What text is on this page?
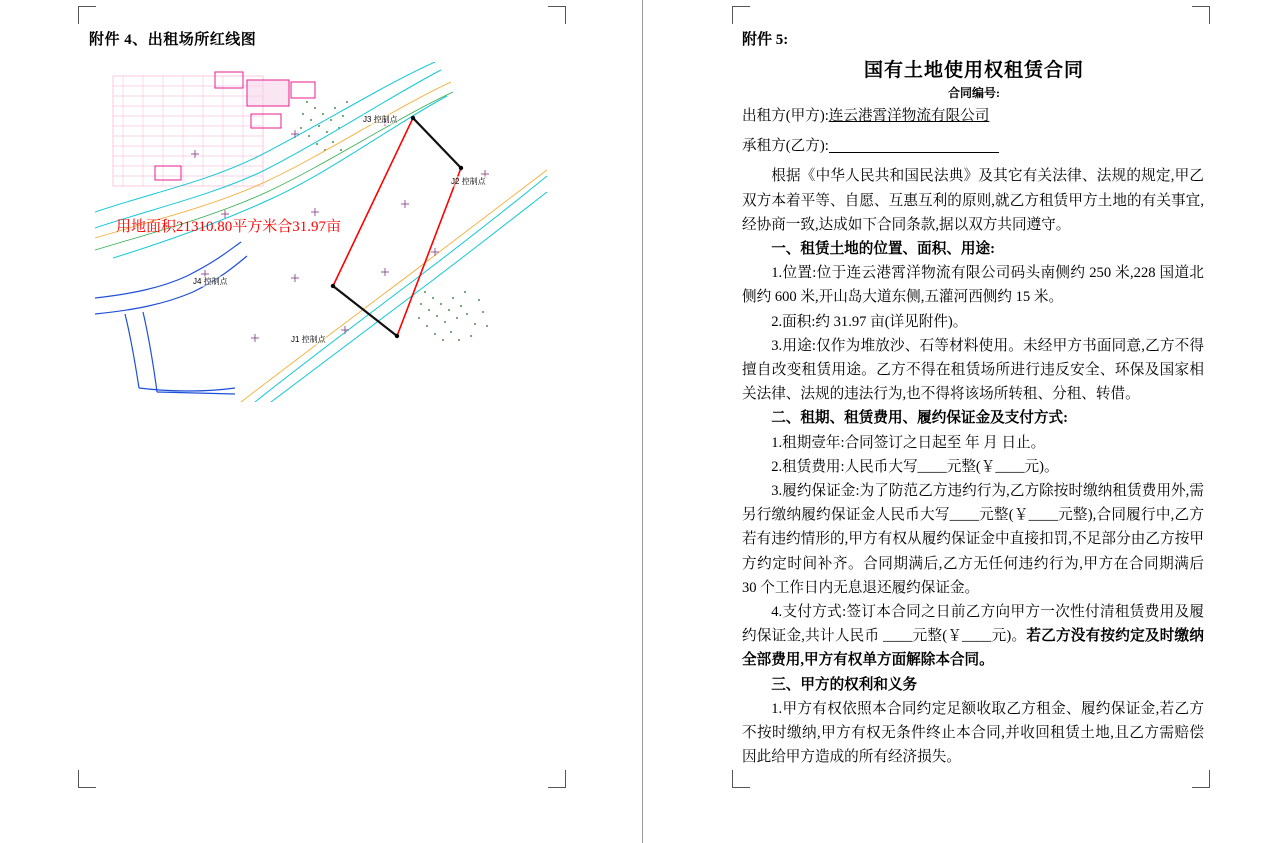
附件 4、出租场所红线图
J3 控制点
J2 控制点
J4 控制点
J1 控制点
用地面积21310.80平方米合31.97亩
附件 5:
国有土地使用权租赁合同
合同编号:

出租方(甲方):连云港霄洋物流有限公司

承租方(乙方):

根据《中华人民共和国民法典》及其它有关法律、法规的规定,甲乙双方本着平等、自愿、互惠互利的原则,就乙方租赁甲方土地的有关事宜,经协商一致,达成如下合同条款,据以双方共同遵守。

一、租赁土地的位置、面积、用途:

1.位置:位于连云港霄洋物流有限公司码头南侧约 250 米,228 国道北侧约 600 米,开山岛大道东侧,五灌河西侧约 15 米。

2.面积:约 31.97 亩(详见附件)。

3.用途:仅作为堆放沙、石等材料使用。未经甲方书面同意,乙方不得擅自改变租赁用途。乙方不得在租赁场所进行违反安全、环保及国家相关法律、法规的违法行为,也不得将该场所转租、分租、转借。

二、租期、租赁费用、履约保证金及支付方式:

1.租期壹年:合同签订之日起至 年 月 日止。

2.租赁费用:人民币大写____元整(￥____元)。

3.履约保证金:为了防范乙方违约行为,乙方除按时缴纳租赁费用外,需另行缴纳履约保证金人民币大写____元整(￥____元整),合同履行中,乙方若有违约情形的,甲方有权从履约保证金中直接扣罚,不足部分由乙方按甲方约定时间补齐。合同期满后,乙方无任何违约行为,甲方在合同期满后 30 个工作日内无息退还履约保证金。

4.支付方式:签订本合同之日前乙方向甲方一次性付清租赁费用及履约保证金,共计人民币 ____元整(￥____元)。若乙方没有按约定及时缴纳全部费用,甲方有权单方面解除本合同。

三、甲方的权利和义务

1.甲方有权依照本合同约定足额收取乙方租金、履约保证金,若乙方不按时缴纳,甲方有权无条件终止本合同,并收回租赁土地,且乙方需赔偿因此给甲方造成的所有经济损失。
